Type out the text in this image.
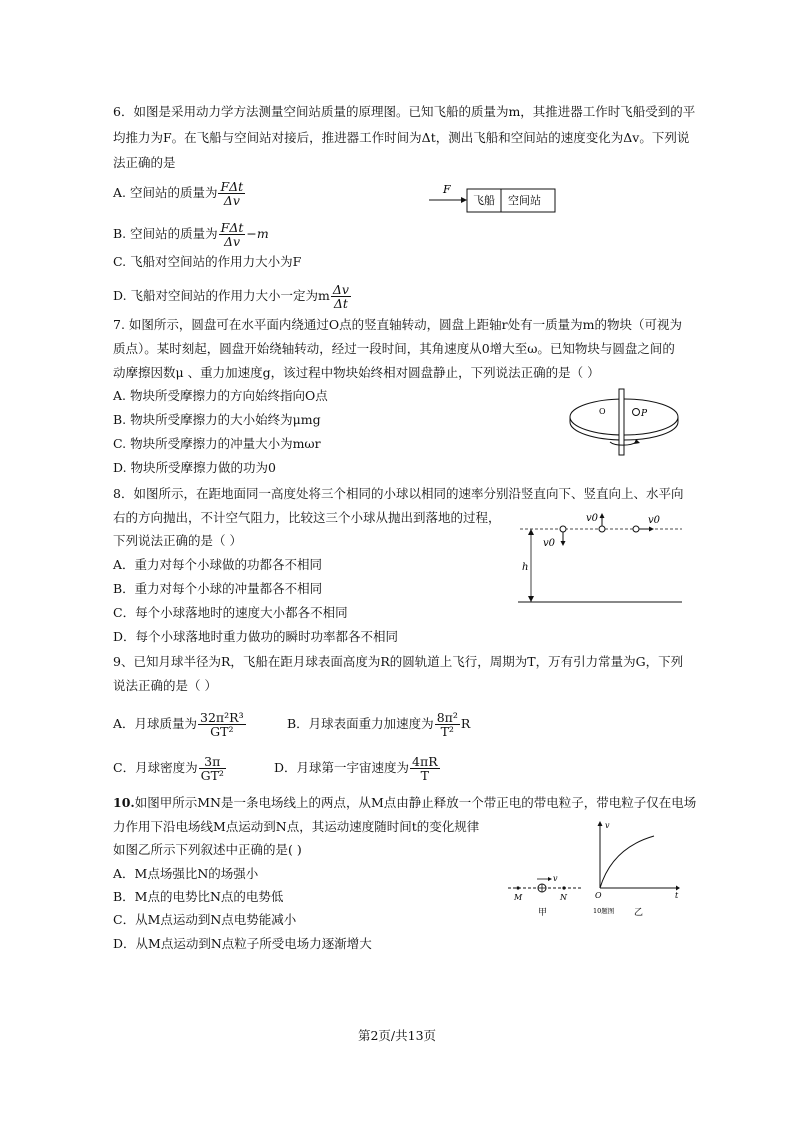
6．如图是采用动力学方法测量空间站质量的原理图。已知飞船的质量为m，其推进器工作时飞船受到的平
均推力为F。在飞船与空间站对接后，推进器工作时间为Δt，测出飞船和空间站的速度变化为Δv。下列说
法正确的是
A. 空间站的质量为 $\frac{\text{FΔt}}{\Delta v}$
B. 空间站的质量为 $\frac{\text{FΔt}}{\Delta v} -m$
C. 飞船对空间站的作用力大小为F
D. 飞船对空间站的作用力大小一定为m $\frac{\Delta v}{\Delta t}$
F
飞船 空间站
7. 如图所示，圆盘可在水平面内绕通过O点的竖直轴转动，圆盘上距轴r处有一质量为m的物块（可视为
质点）。某时刻起，圆盘开始绕轴转动，经过一段时间，其角速度从0增大至ω。已知物块与圆盘之间的
动摩擦因数μ 、重力加速度g，该过程中物块始终相对圆盘静止，下列说法正确的是（ ）
A. 物块所受摩擦力的方向始终指向O点
B. 物块所受摩擦力的大小始终为μmg
C. 物块所受摩擦力的冲量大小为mωr
D. 物块所受摩擦力做的功为0
O	P
8．如图所示，在距地面同一高度处将三个相同的小球以相同的速率分别沿竖直向下、竖直向上、水平向
右的方向抛出，不计空气阻力，比较这三个小球从抛出到落地的过程，
下列说法正确的是（ ）
A．重力对每个小球做的功都各不相同
B．重力对每个小球的冲量都各不相同
C．每个小球落地时的速度大小都各不相同
D．每个小球落地时重力做功的瞬时功率都各不相同
h
v0
v0	v0
9、已知月球半径为R，飞船在距月球表面高度为R的圆轨道上飞行，周期为T，万有引力常量为G，下列
说法正确的是（ ）
A．月球质量为 $\frac{\text{32π²R³}}{\text{GT²}}$	B．月球表面重力加速度为 $\frac{\text{8π²}}{\text{T²}}$ R
C．月球密度为 $\frac{3\pi}{\text{GT²}}$	D．月球第一宇宙速度为 $\frac{4\pi R}{T}$
10.如图甲所示MN是一条电场线上的两点，从M点由静止释放一个带正电的带电粒子，带电粒子仅在电场
力作用下沿电场线M点运动到N点，其运动速度随时间t的变化规律
如图乙所示下列叙述中正确的是( )
A．M点场强比N的场强小
B．M点的电势比N点的电势低
C．从M点运动到N点电势能减小
D．从M点运动到N点粒子所受电场力逐渐增大
M	N
v
甲
v
O	t
10题图 乙
第2页/共13页
